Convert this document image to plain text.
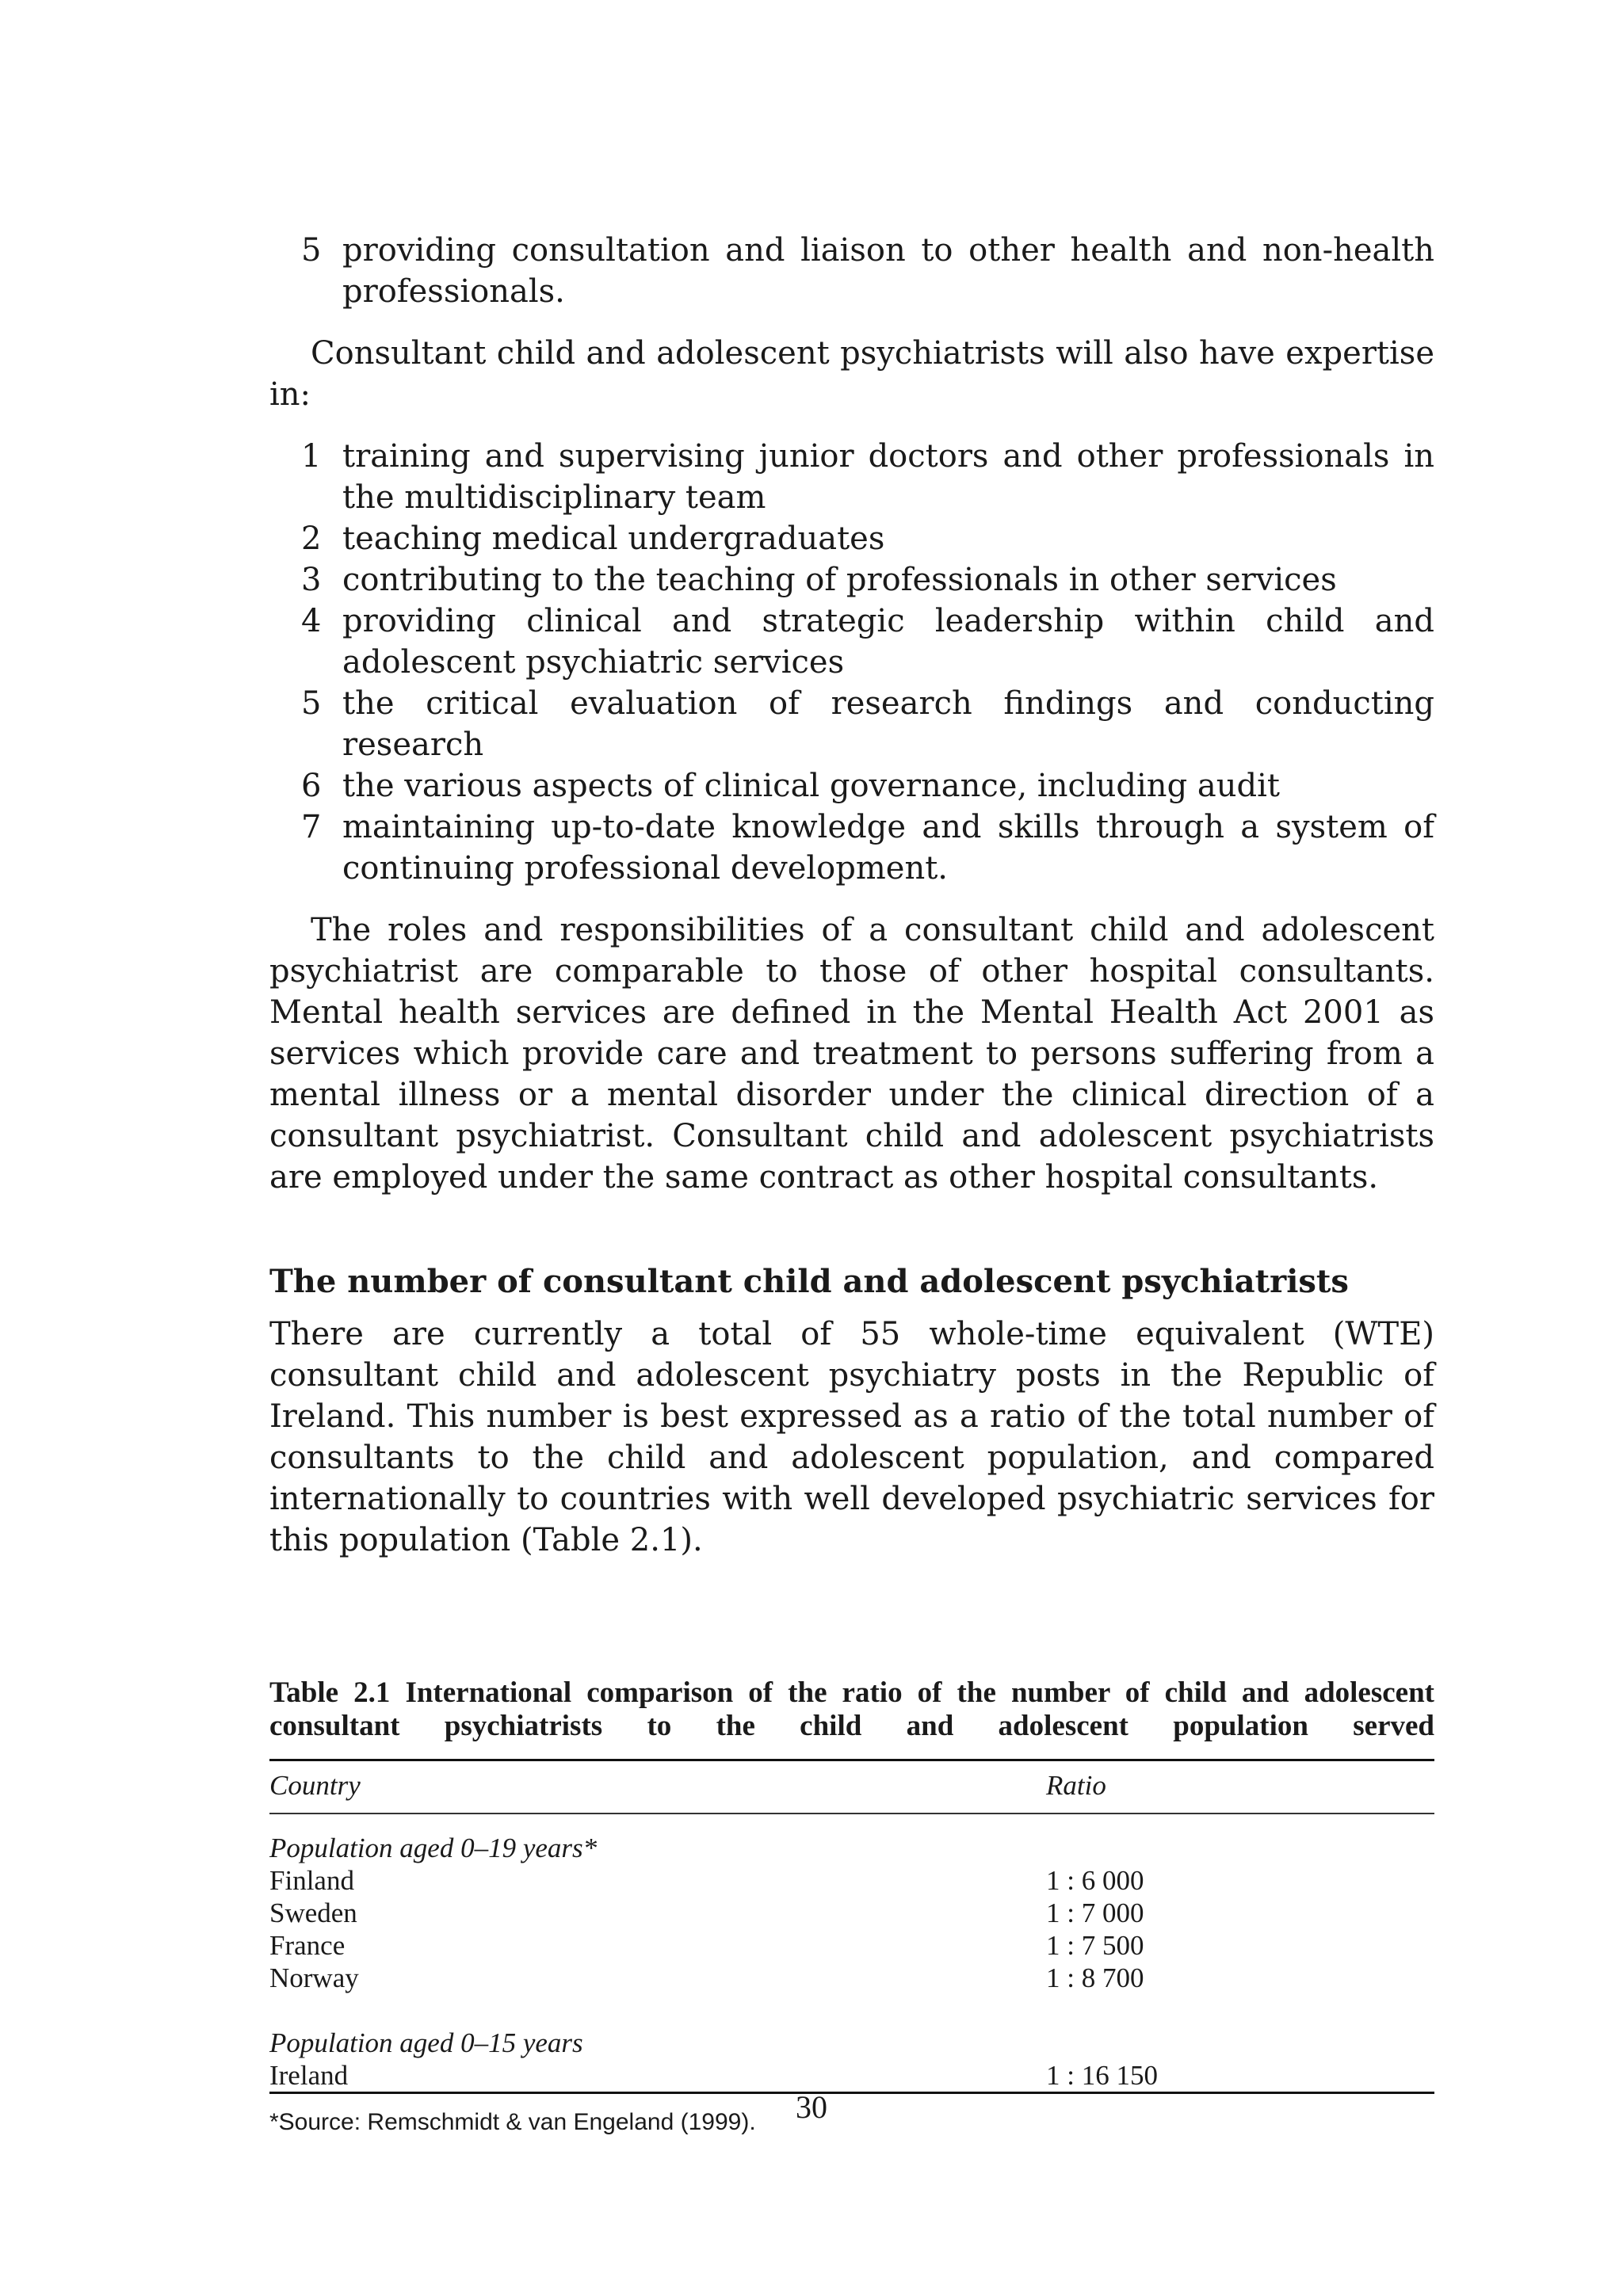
5 providing consultation and liaison to other health and non-health professionals.

Consultant child and adolescent psychiatrists will also have expertise in:

1 training and supervising junior doctors and other professionals in the multidisciplinary team
2 teaching medical undergraduates
3 contributing to the teaching of professionals in other services
4 providing clinical and strategic leadership within child and adolescent psychiatric services
5 the critical evaluation of research findings and conducting research
6 the various aspects of clinical governance, including audit
7 maintaining up-to-date knowledge and skills through a system of continuing professional development.

The roles and responsibilities of a consultant child and adolescent psychiatrist are comparable to those of other hospital consultants. Mental health services are defined in the Mental Health Act 2001 as services which provide care and treatment to persons suffering from a mental illness or a mental disorder under the clinical direction of a consultant psychiatrist. Consultant child and adolescent psychiatrists are employed under the same contract as other hospital consultants.

The number of consultant child and adolescent psychiatrists

There are currently a total of 55 whole-time equivalent (WTE) consultant child and adolescent psychiatry posts in the Republic of Ireland. This number is best expressed as a ratio of the total number of consultants to the child and adolescent population, and compared internationally to countries with well developed psychiatric services for this population (Table 2.1).

Table 2.1 International comparison of the ratio of the number of child and adolescent consultant psychiatrists to the child and adolescent population served
Country	Ratio

Population aged 0–19 years*	
Finland	1 : 6 000
Sweden	1 : 7 000
France	1 : 7 500
Norway	1 : 8 700

Population aged 0–15 years	
Ireland	1 : 16 150
*Source: Remschmidt & van Engeland (1999).	30
